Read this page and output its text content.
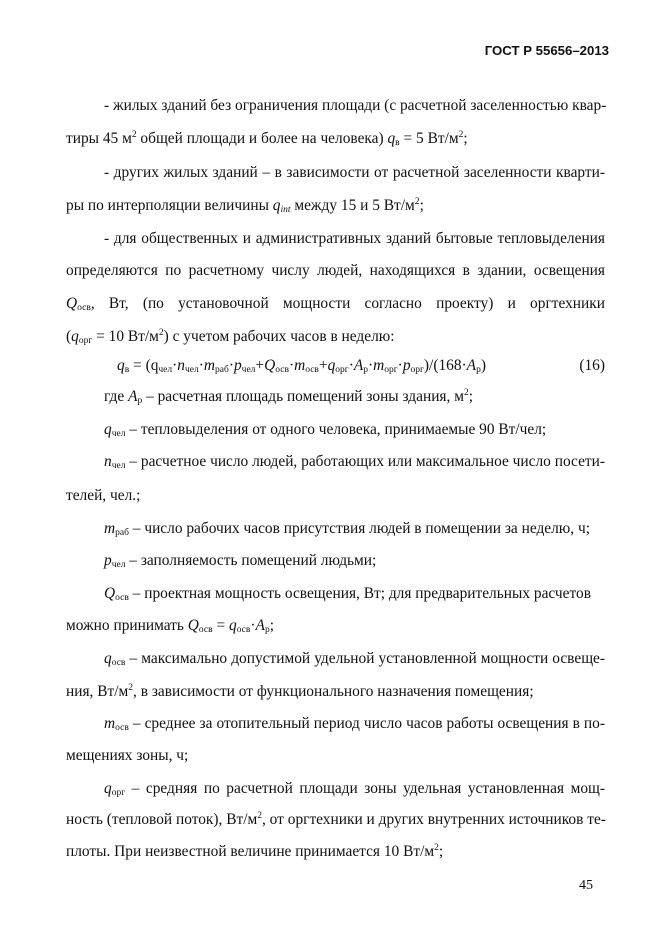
ГОСТ Р 55656–2013
- жилых зданий без ограничения площади (с расчетной заселенностью квар-
тиры 45 $м^2$ общей площади и более на человека) $q_в = 5$ $Вт/м^2$;
- других жилых зданий – в зависимости от расчетной заселенности кварти-
ры по интерполяции величины $q_{int}$ между 15 и 5 $Вт/м^2$;
- для общественных и административных зданий бытовые тепловыделения
определяются по расчетному числу людей, находящихся в здании, освещения
$Q_{осв}$, Вт, (по установочной мощности согласно проекту) и оргтехники
($q_{орг} = 10$ $Вт/м^2$) с учетом рабочих часов в неделю:
$q_в = (q_{чел}\cdot n_{чел}\cdot m_{раб}\cdot p_{чел}+Q_{осв}\cdot m_{осв}+q_{орг}\cdot A_р\cdot m_{орг}\cdot p_{орг})/(168\cdot A_р)$	(16)
где $A_р$ – расчетная площадь помещений зоны здания, $м^2$;
$q_{чел}$ – тепловыделения от одного человека, принимаемые 90 Вт/чел;
$n_{чел}$ – расчетное число людей, работающих или максимальное число посети-
телей, чел.;
$m_{раб}$ – число рабочих часов присутствия людей в помещении за неделю, ч;
$p_{чел}$ – заполняемость помещений людьми;
$Q_{осв}$ – проектная мощность освещения, Вт; для предварительных расчетов
можно принимать $Q_{осв} = q_{осв}\cdot A_р$;
$q_{осв}$ – максимально допустимой удельной установленной мощности освеще-
ния, $Вт/м^2$, в зависимости от функционального назначения помещения;
$m_{осв}$ – среднее за отопительный период число часов работы освещения в по-
мещениях зоны, ч;
$q_{орг}$ – средняя по расчетной площади зоны удельная установленная мощ-
ность (тепловой поток), $Вт/м^2$, от оргтехники и других внутренних источников те-
плоты. При неизвестной величине принимается 10 $Вт/м^2$;
45
